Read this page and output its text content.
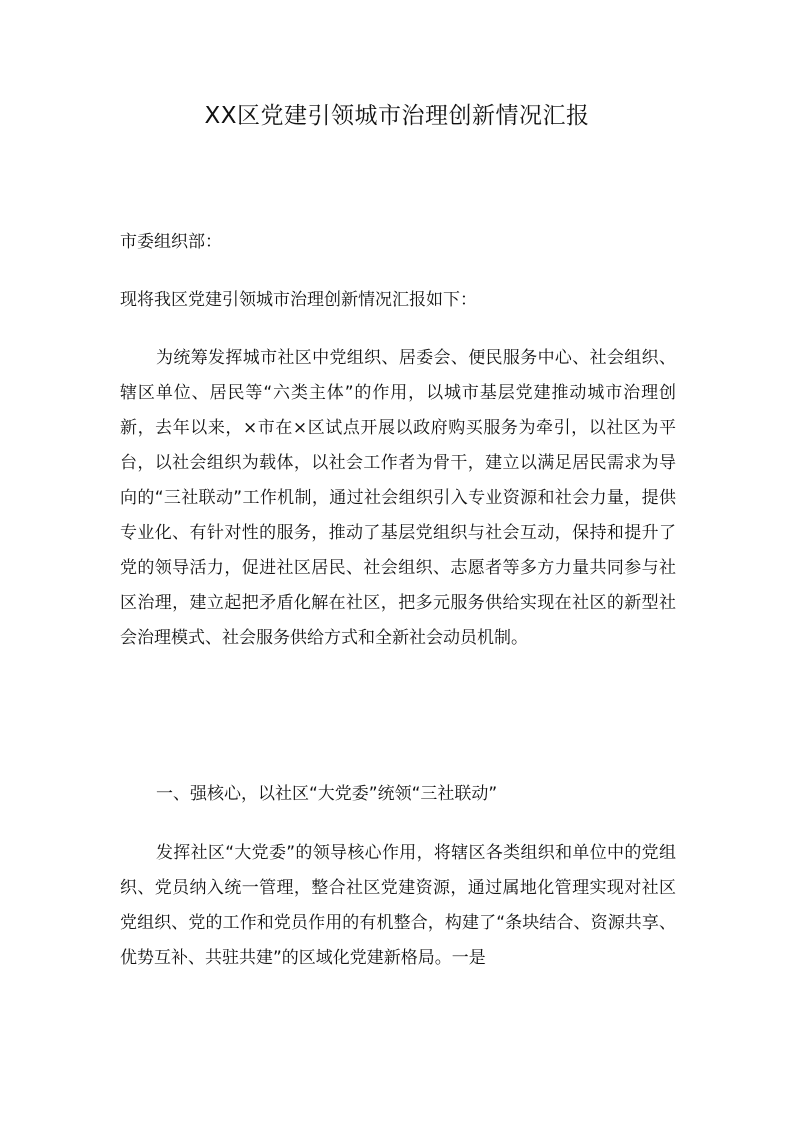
XX区党建引领城市治理创新情况汇报
市委组织部：
现将我区党建引领城市治理创新情况汇报如下：
为统筹发挥城市社区中党组织、居委会、便民服务中心、社会组织、辖区单位、居民等“六类主体”的作用，以城市基层党建推动城市治理创新，去年以来，×市在×区试点开展以政府购买服务为牵引，以社区为平台，以社会组织为载体，以社会工作者为骨干，建立以满足居民需求为导向的“三社联动”工作机制，通过社会组织引入专业资源和社会力量，提供专业化、有针对性的服务，推动了基层党组织与社会互动，保持和提升了党的领导活力，促进社区居民、社会组织、志愿者等多方力量共同参与社区治理，建立起把矛盾化解在社区，把多元服务供给实现在社区的新型社会治理模式、社会服务供给方式和全新社会动员机制。
一、强核心，以社区“大党委”统领“三社联动”
发挥社区“大党委”的领导核心作用，将辖区各类组织和单位中的党组织、党员纳入统一管理，整合社区党建资源，通过属地化管理实现对社区党组织、党的工作和党员作用的有机整合，构建了“条块结合、资源共享、优势互补、共驻共建”的区域化党建新格局。一是
